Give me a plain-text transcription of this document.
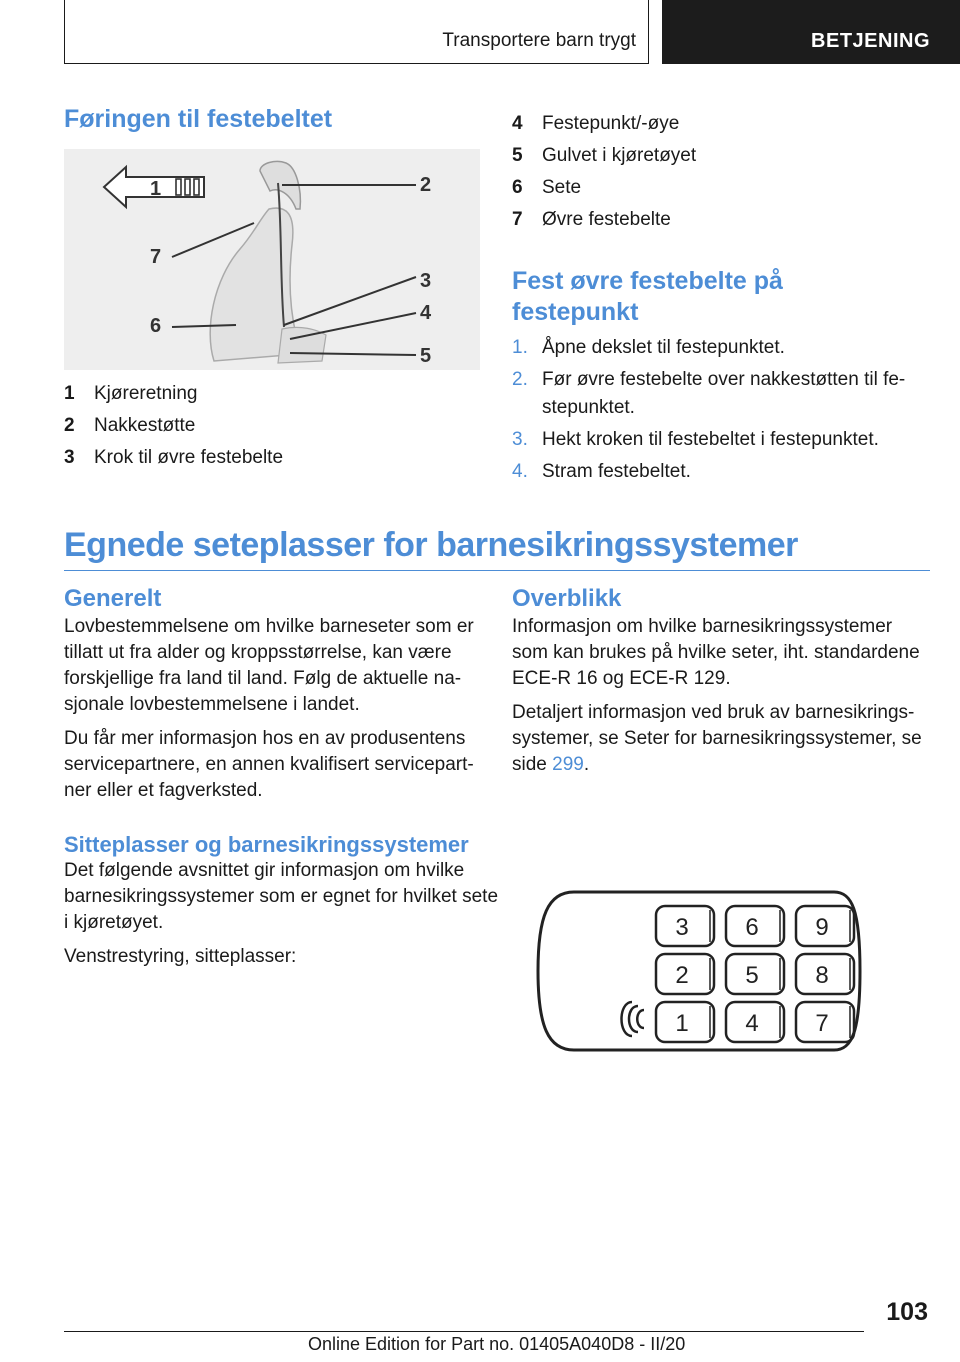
Transportere barn trygt	BETJENING
Føringen til festebeltet
1	2
3
4
5
6
7
1 Kjøreretning
2 Nakkestøtte
3 Krok til øvre festebelte
4 Festepunkt/-øye
5 Gulvet i kjøretøyet
6 Sete
7 Øvre festebelte
Fest øvre festebelte på
festepunkt
1. Åpne dekslet til festepunktet.
2. Før øvre festebelte over nakkestøtten til fe-stepunktet.
3. Hekt kroken til festebeltet i festepunktet.
4. Stram festebeltet.
Egnede seteplasser for barnesikringssystemer
Generelt

Lovbestemmelsene om hvilke barneseter som er tillatt ut fra alder og kroppsstørrelse, kan være forskjellige fra land til land. Følg de aktuelle na-sjonale lovbestemmelsene i landet.

Du får mer informasjon hos en av produsentens servicepartnere, en annen kvalifisert servicepart-ner eller et fagverksted.

Overblikk

Informasjon om hvilke barnesikringssystemer som kan brukes på hvilke seter, iht. standardene ECE-R 16 og ECE-R 129.

Detaljert informasjon ved bruk av barnesikrings-systemer, se Seter for barnesikringssystemer, se side 299.

Sitteplasser og barnesikringssystemer

Det følgende avsnittet gir informasjon om hvilke barnesikringssystemer som er egnet for hvilket sete i kjøretøyet.

Venstrestyring, sitteplasser:

3 6 9
2 5 8
1 4 7
103
Online Edition for Part no. 01405A040D8 - II/20
